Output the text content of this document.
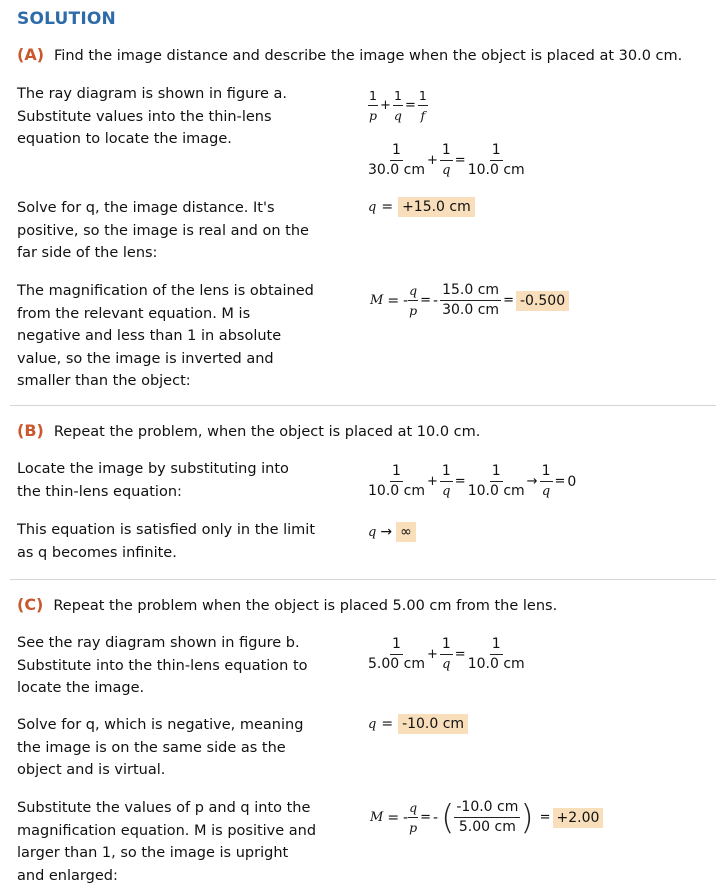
SOLUTION
(A) Find the image distance and describe the image when the object is placed at 30.0 cm.
The ray diagram is shown in figure a. Substitute values into the thin-lens equation to locate the image.
$\frac{1}{p} + \frac{1}{q} = \frac{1}{f}$
$\frac{1}{30.0 cm} + \frac{1}{q} = \frac{1}{10.0 cm}$
Solve for q, the image distance. It's positive, so the image is real and on the far side of the lens:
q = +15.0 cm
The magnification of the lens is obtained from the relevant equation. M is negative and less than 1 in absolute value, so the image is inverted and smaller than the object:
M = - $\frac{q}{p}$ = - $\frac{15.0 cm}{30.0 cm} = -0.500$
(B) Repeat the problem, when the object is placed at 10.0 cm.
Locate the image by substituting into the thin-lens equation:	$\frac{1}{10.0 cm} + \frac{1}{q} = \frac{1}{10.0 cm} \to \frac{1}{q} = 0$
This equation is satisfied only in the limit as q becomes infinite.
q → ∞
(C) Repeat the problem when the object is placed 5.00 cm from the lens.
See the ray diagram shown in figure b. Substitute into the thin-lens equation to locate the image.
$\frac{1}{5.00 cm} + \frac{1}{q} = \frac{1}{10.0 cm}$
Solve for q, which is negative, meaning the image is on the same side as the object and is virtual.
q = -10.0 cm
Substitute the values of p and q into the magnification equation. M is positive and larger than 1, so the image is upright and enlarged:
M = - $\frac{q}{p}$ = - ( $\frac{-10.0 cm}{5.00 cm}$ ) = +2.00
